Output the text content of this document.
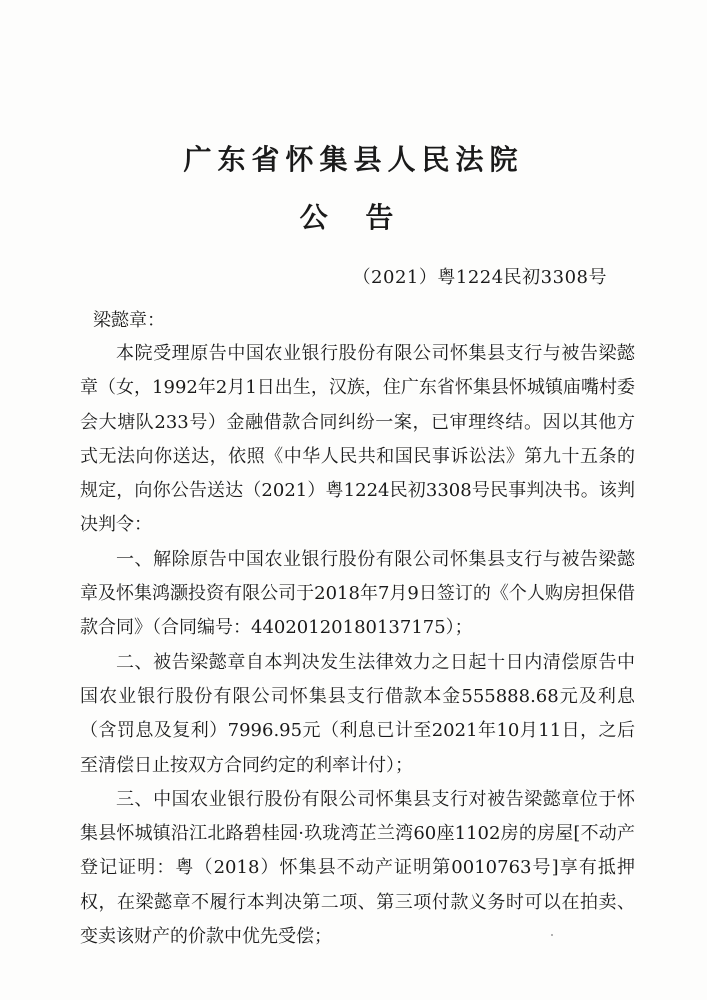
广东省怀集县人民法院
公 告
（2021）粤1224民初3308号
梁懿章：

本院受理原告中国农业银行股份有限公司怀集县支行与被告梁懿章（女，1992年2月1日出生，汉族，住广东省怀集县怀城镇庙嘴村委会大塘队233号）金融借款合同纠纷一案，已审理终结。因以其他方式无法向你送达，依照《中华人民共和国民事诉讼法》第九十五条的规定，向你公告送达（2021）粤1224民初3308号民事判决书。该判决判令：

一、解除原告中国农业银行股份有限公司怀集县支行与被告梁懿章及怀集鸿灏投资有限公司于2018年7月9日签订的《个人购房担保借款合同》（合同编号：44020120180137175）；

二、被告梁懿章自本判决发生法律效力之日起十日内清偿原告中国农业银行股份有限公司怀集县支行借款本金555888.68元及利息（含罚息及复利）7996.95元（利息已计至2021年10月11日，之后至清偿日止按双方合同约定的利率计付）；

三、中国农业银行股份有限公司怀集县支行对被告梁懿章位于怀集县怀城镇沿江北路碧桂园·玖珑湾芷兰湾60座1102房的房屋[不动产登记证明：粤（2018）怀集县不动产证明第0010763号]享有抵押权，在梁懿章不履行本判决第二项、第三项付款义务时可以在拍卖、变卖该财产的价款中优先受偿；
